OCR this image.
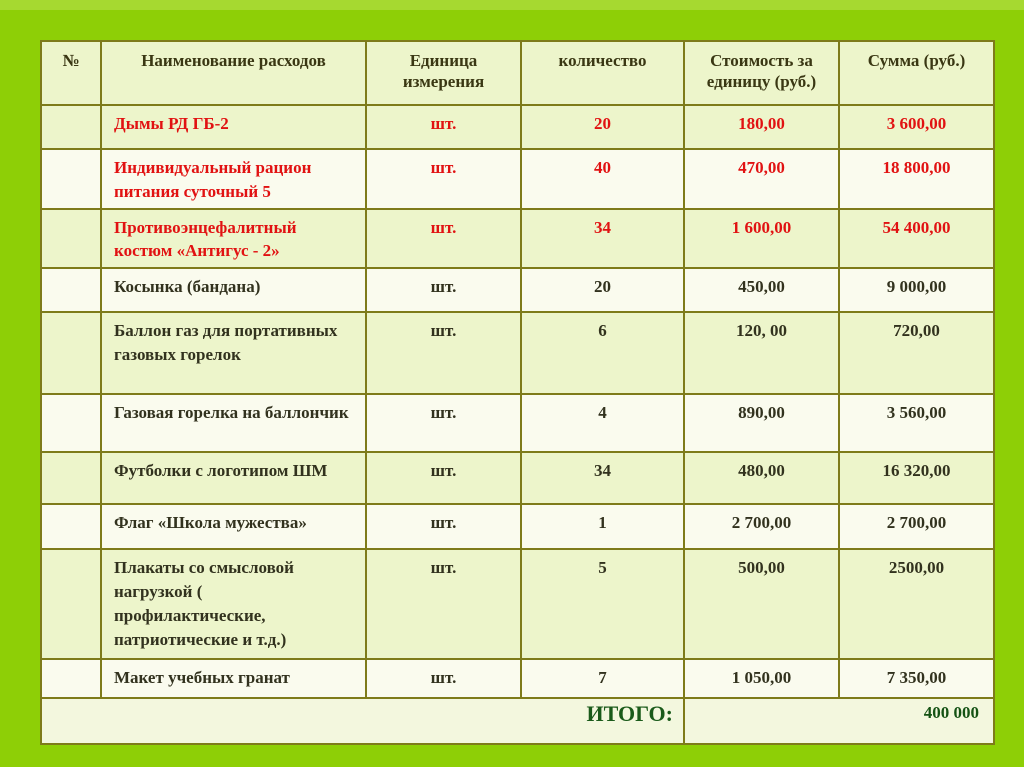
№	Наименование расходов	Единица измерения	количество	Стоимость за единицу (руб.)	Сумма (руб.)
	Дымы РД ГБ-2	шт.	20	180,00	3 600,00
	Индивидуальный рацион питания суточный 5	шт.	40	470,00	18 800,00
	Противоэнцефалитный костюм «Антигус - 2»	шт.	34	1 600,00	54 400,00
	Косынка (бандана)	шт.	20	450,00	9 000,00
	Баллон газ для портативных газовых горелок	шт.	6	120, 00	720,00
	Газовая горелка на баллончик	шт.	4	890,00	3 560,00
	Футболки с логотипом ШМ	шт.	34	480,00	16 320,00
	Флаг «Школа мужества»	шт.	1	2 700,00	2 700,00
	Плакаты со смысловой нагрузкой ( профилактические, патриотические и т.д.)	шт.	5	500,00	2500,00
	Макет учебных гранат	шт.	7	1 050,00	7 350,00
ИТОГО:				400 000	
